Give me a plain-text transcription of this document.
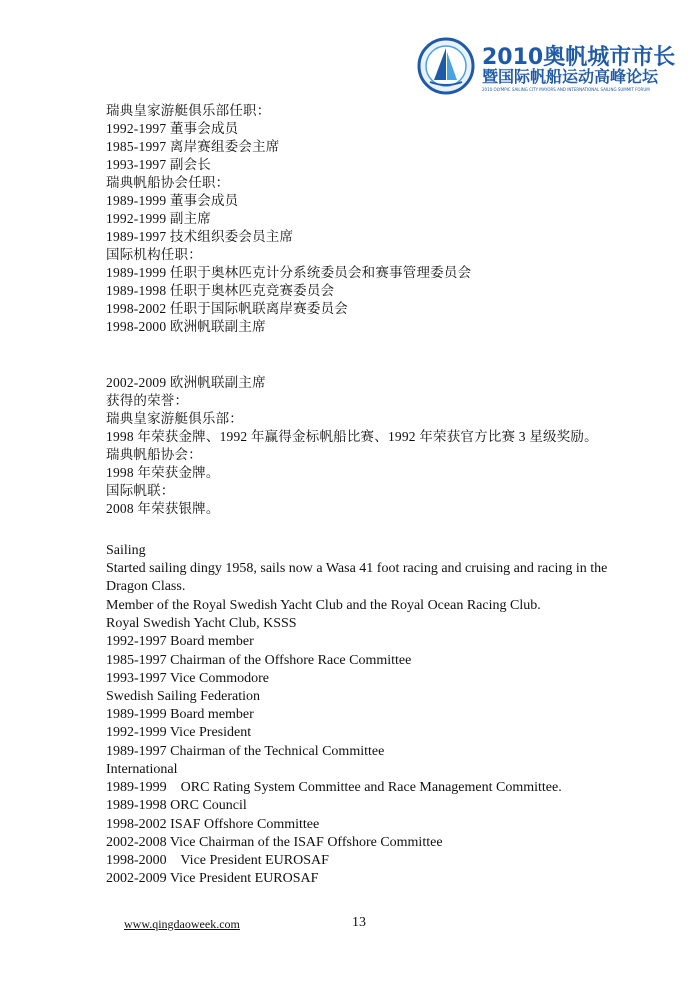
2010奥帆城市市长
暨国际帆船运动高峰论坛
2010 OLYMPIC SAILING CITY MAYORS AND INTERNATIONAL SAILING SUMMIT FORUM
瑞典皇家游艇俱乐部任职：
1992-1997 董事会成员
1985-1997 离岸赛组委会主席
1993-1997 副会长
瑞典帆船协会任职：
1989-1999 董事会成员
1992-1999 副主席
1989-1997 技术组织委会员主席
国际机构任职：
1989-1999 任职于奥林匹克计分系统委员会和赛事管理委员会
1989-1998 任职于奥林匹克竞赛委员会
1998-2002 任职于国际帆联离岸赛委员会
1998-2000 欧洲帆联副主席
2002-2009 欧洲帆联副主席
获得的荣誉：
瑞典皇家游艇俱乐部：
1998 年荣获金牌、1992 年赢得金标帆船比赛、1992 年荣获官方比赛 3 星级奖励。
瑞典帆船协会：
1998 年荣获金牌。
国际帆联：
2008 年荣获银牌。
Sailing
Started sailing dingy 1958, sails now a Wasa 41 foot racing and cruising and racing in the
Dragon Class.
Member of the Royal Swedish Yacht Club and the Royal Ocean Racing Club.
Royal Swedish Yacht Club, KSSS
1992-1997 Board member
1985-1997 Chairman of the Offshore Race Committee
1993-1997 Vice Commodore
Swedish Sailing Federation
1989-1999 Board member
1992-1999 Vice President
1989-1997 Chairman of the Technical Committee
International
1989-1999    ORC Rating System Committee and Race Management Committee.
1989-1998 ORC Council
1998-2002 ISAF Offshore Committee
2002-2008 Vice Chairman of the ISAF Offshore Committee
1998-2000    Vice President EUROSAF
2002-2009 Vice President EUROSAF
www.qingdaoweek.com	13
